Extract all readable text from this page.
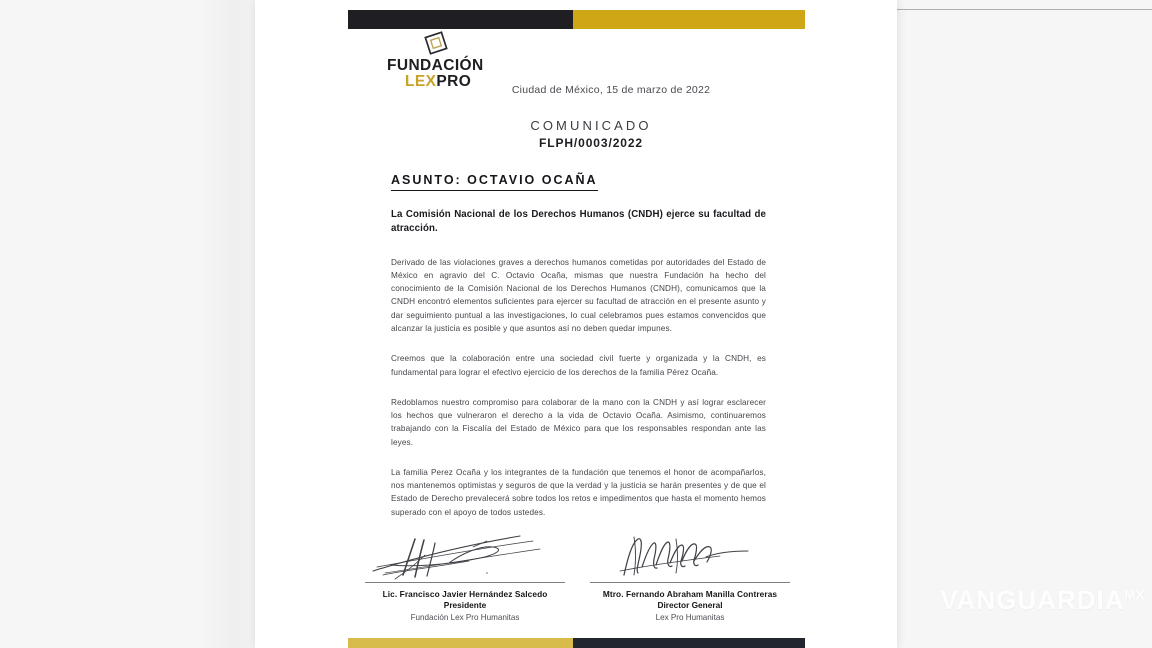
FUNDACIÓN
LEXPRO
Ciudad de México, 15 de marzo de 2022
COMUNICADO
FLPH/0003/2022
ASUNTO: OCTAVIO OCAÑA
La Comisión Nacional de los Derechos Humanos (CNDH) ejerce su facultad de atracción.

Derivado de las violaciones graves a derechos humanos cometidas por autoridades del Estado de México en agravio del C. Octavio Ocaña, mismas que nuestra Fundación ha hecho del conocimiento de la Comisión Nacional de los Derechos Humanos (CNDH), comunicamos que la CNDH encontró elementos suficientes para ejercer su facultad de atracción en el presente asunto y dar seguimiento puntual a las investigaciones, lo cual celebramos pues estamos convencidos que alcanzar la justicia es posible y que asuntos así no deben quedar impunes.

Creemos que la colaboración entre una sociedad civil fuerte y organizada y la CNDH, es fundamental para lograr el efectivo ejercicio de los derechos de la familia Pérez Ocaña.

Redoblamos nuestro compromiso para colaborar de la mano con la CNDH y así lograr esclarecer los hechos que vulneraron el derecho a la vida de Octavio Ocaña. Asimismo, continuaremos trabajando con la Fiscalía del Estado de México para que los responsables respondan ante las leyes.

La familia Perez Ocaña y los integrantes de la fundación que tenemos el honor de acompañarlos, nos mantenemos optimistas y seguros de que la verdad y la justicia se harán presentes y de que el Estado de Derecho prevalecerá sobre todos los retos e impedimentos que hasta el momento hemos superado con el apoyo de todos ustedes.

Lic. Francisco Javier Hernández Salcedo
Presidente
Fundación Lex Pro Humanitas
Mtro. Fernando Abraham Manilla Contreras
Director General
Lex Pro Humanitas
$VANGUARDIA^{MX}$
